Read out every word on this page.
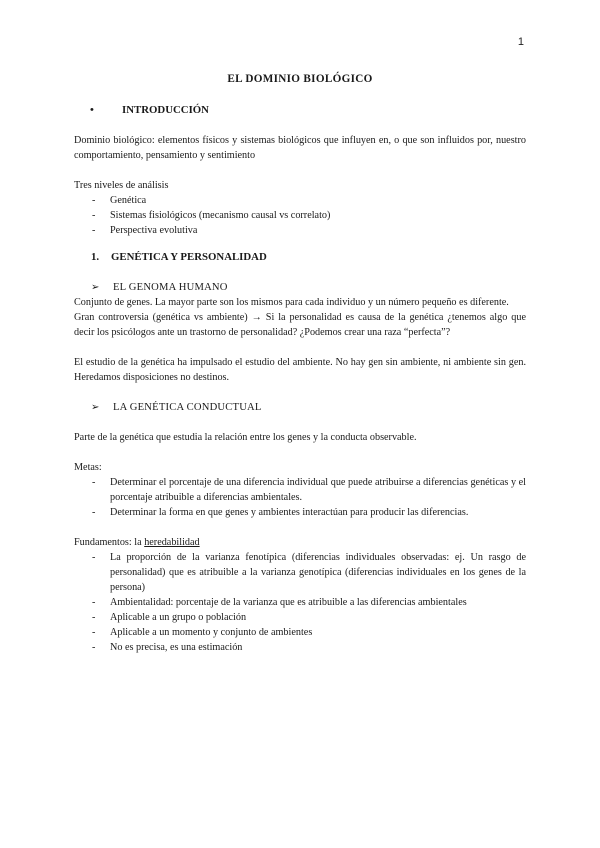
1
EL DOMINIO BIOLÓGICO
•	INTRODUCCIÓN

Dominio biológico: elementos físicos y sistemas biológicos que influyen en, o que son influidos por, nuestro comportamiento, pensamiento y sentimiento

Tres niveles de análisis

-	Genética
-	Sistemas fisiológicos (mecanismo causal vs correlato)
-	Perspectiva evolutiva
1.	GENÉTICA Y PERSONALIDAD
➢	EL GENOMA HUMANO

Conjunto de genes. La mayor parte son los mismos para cada individuo y un número pequeño es diferente.

Gran controversia (genética vs ambiente) → Si la personalidad es causa de la genética ¿tenemos algo que decir los psicólogos ante un trastorno de personalidad? ¿Podemos crear una raza “perfecta”?

El estudio de la genética ha impulsado el estudio del ambiente. No hay gen sin ambiente, ni ambiente sin gen. Heredamos disposiciones no destinos.

➢	LA GENÉTICA CONDUCTUAL

Parte de la genética que estudia la relación entre los genes y la conducta observable.

Metas:

-	Determinar el porcentaje de una diferencia individual que puede atribuirse a diferencias genéticas y el porcentaje atribuible a diferencias ambientales.
-	Determinar la forma en que genes y ambientes interactúan para producir las diferencias.

Fundamentos: la heredabilidad

-	La proporción de la varianza fenotípica (diferencias individuales observadas: ej. Un rasgo de personalidad) que es atribuible a la varianza genotípica (diferencias individuales en los genes de la persona)
-	Ambientalidad: porcentaje de la varianza que es atribuible a las diferencias ambientales
-	Aplicable a un grupo o población
-	Aplicable a un momento y conjunto de ambientes
-	No es precisa, es una estimación
